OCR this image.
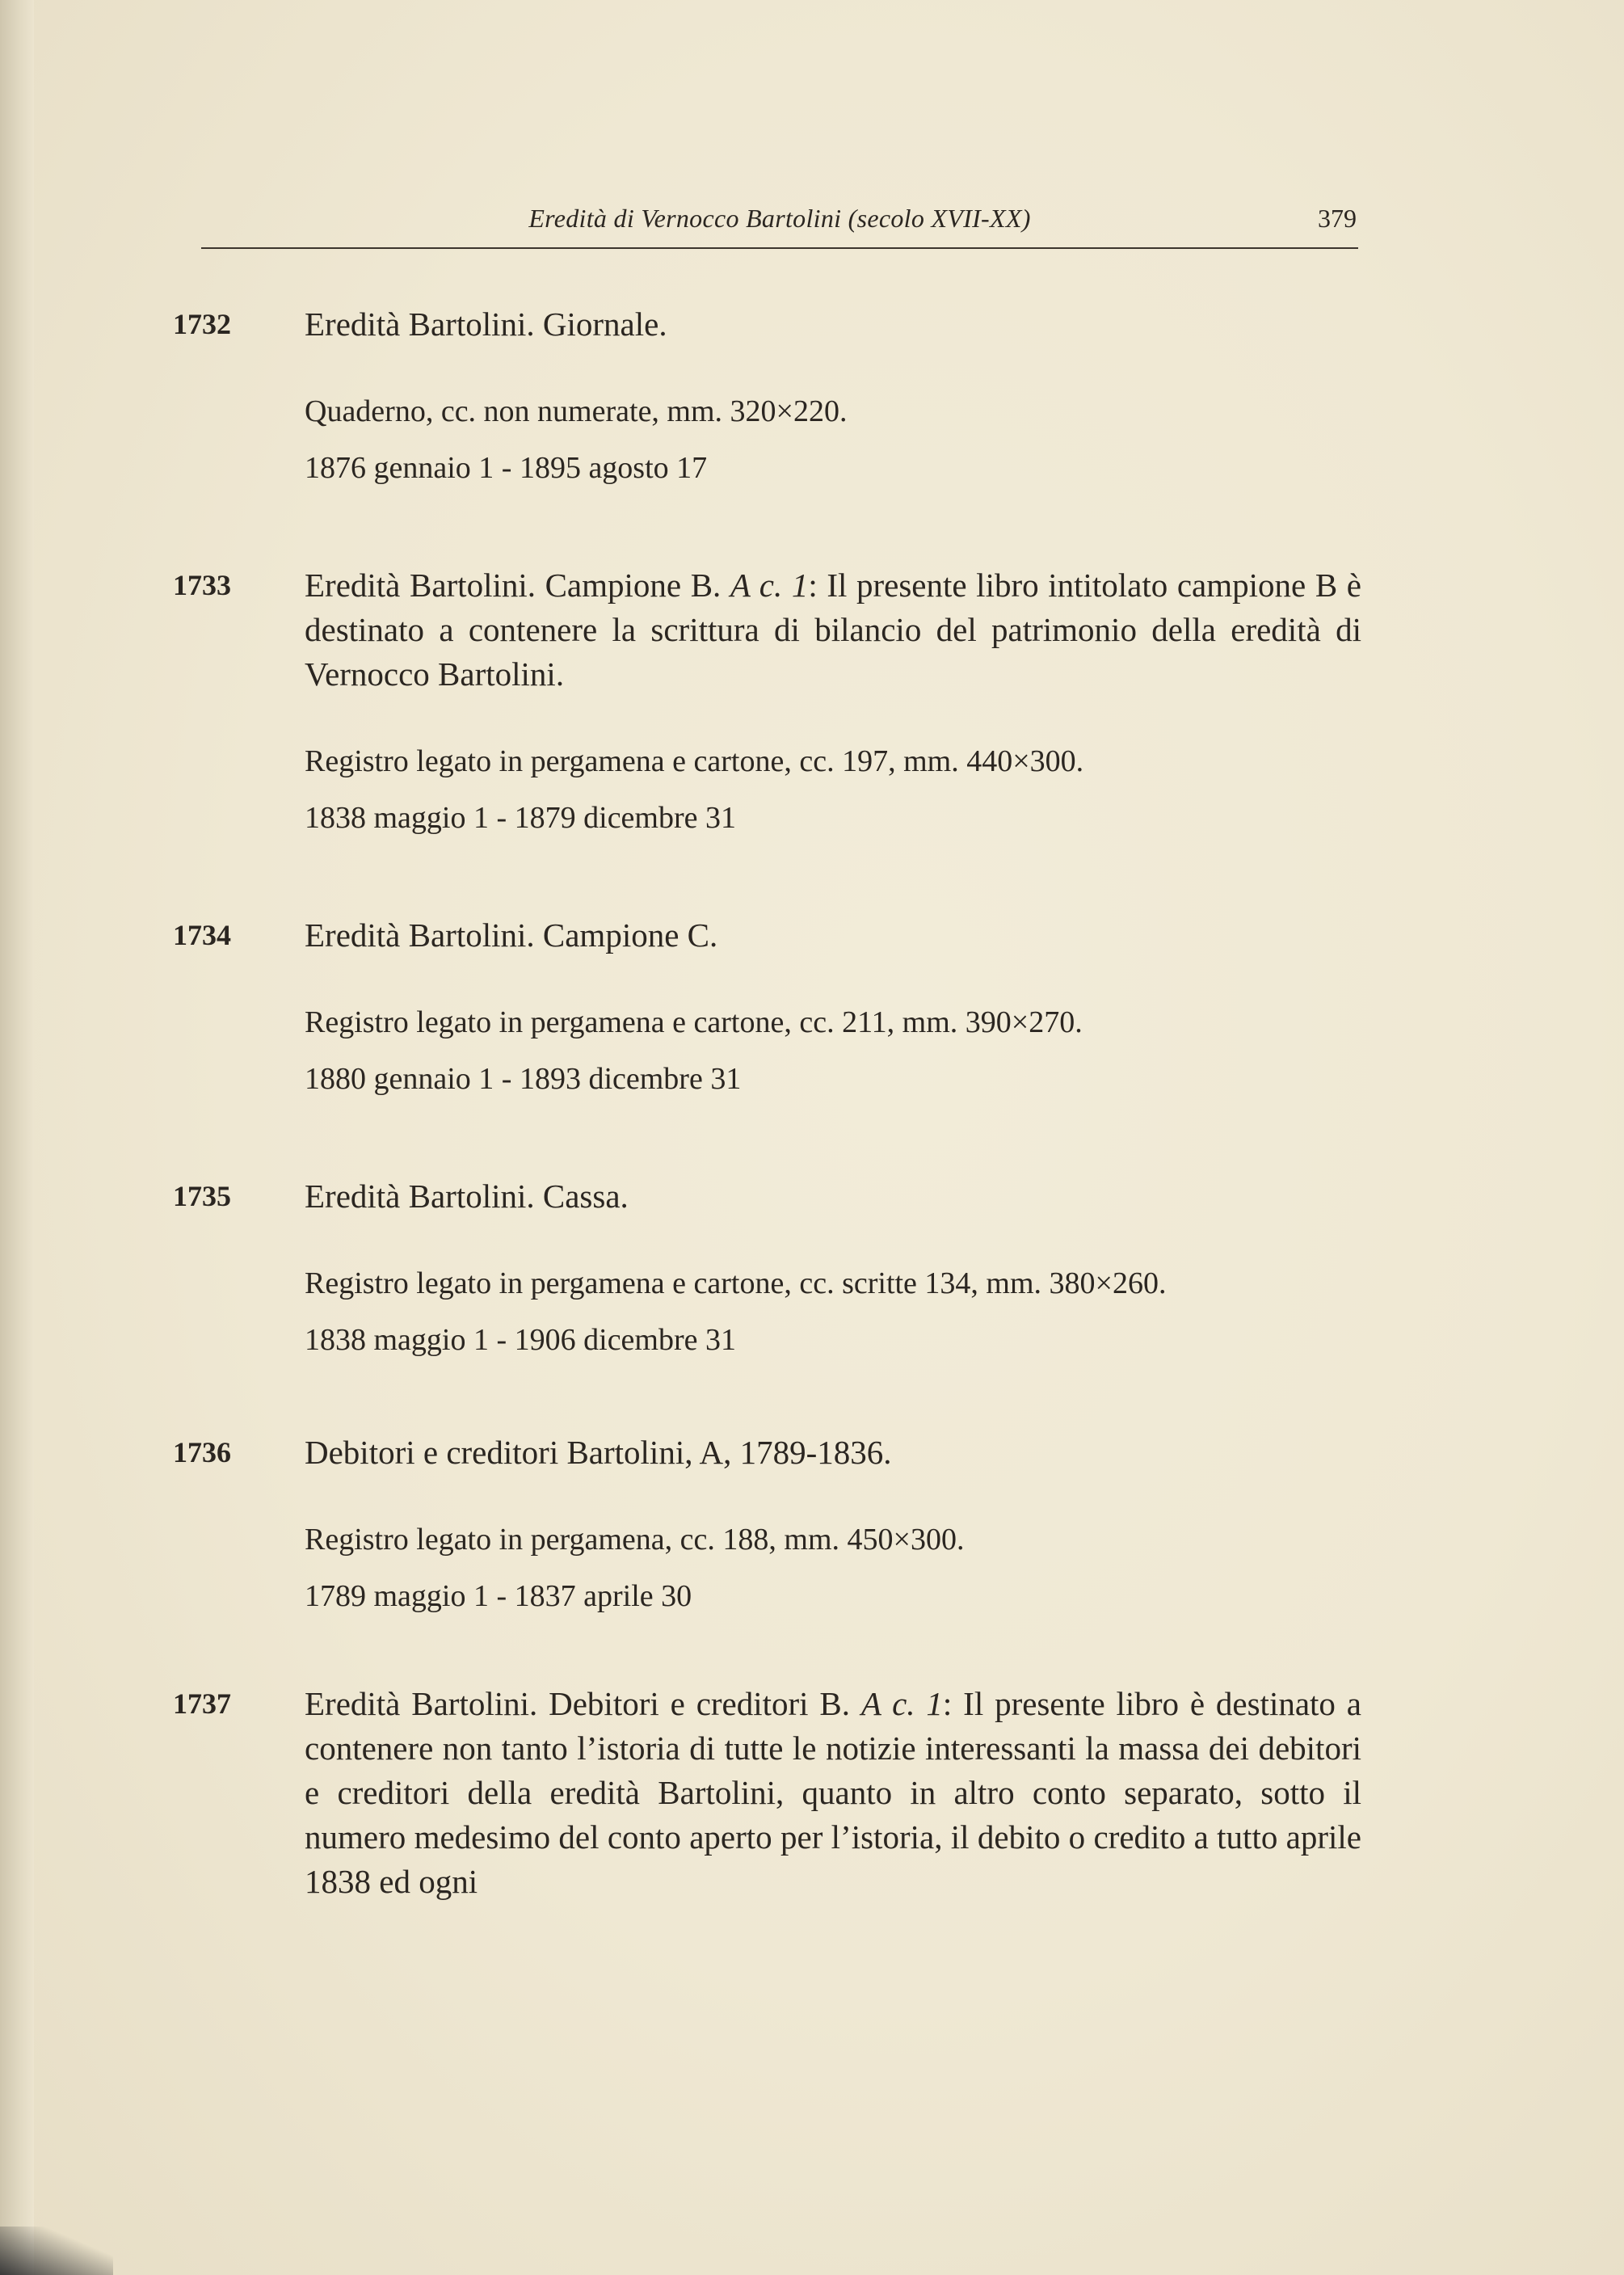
Eredità di Vernocco Bartolini (secolo XVII-XX)	379
1732 Eredità Bartolini. Giornale.

Quaderno, cc. non numerate, mm. 320×220.

1876 gennaio 1 - 1895 agosto 17

1733 Eredità Bartolini. Campione B. A c. 1: Il presente libro intitolato campione B è destinato a contenere la scrittura di bilancio del patrimonio della eredità di Vernocco Bartolini.

Registro legato in pergamena e cartone, cc. 197, mm. 440×300.

1838 maggio 1 - 1879 dicembre 31

1734 Eredità Bartolini. Campione C.

Registro legato in pergamena e cartone, cc. 211, mm. 390×270.

1880 gennaio 1 - 1893 dicembre 31

1735 Eredità Bartolini. Cassa.

Registro legato in pergamena e cartone, cc. scritte 134, mm. 380×260.

1838 maggio 1 - 1906 dicembre 31

1736 Debitori e creditori Bartolini, A, 1789-1836.

Registro legato in pergamena, cc. 188, mm. 450×300.

1789 maggio 1 - 1837 aprile 30

1737 Eredità Bartolini. Debitori e creditori B. A c. 1: Il presente libro è destinato a contenere non tanto l’istoria di tutte le notizie interessanti la massa dei debitori e creditori della eredità Bartolini, quanto in altro conto separato, sotto il numero medesimo del conto aperto per l’istoria, il debito o credito a tutto aprile 1838 ed ogni
